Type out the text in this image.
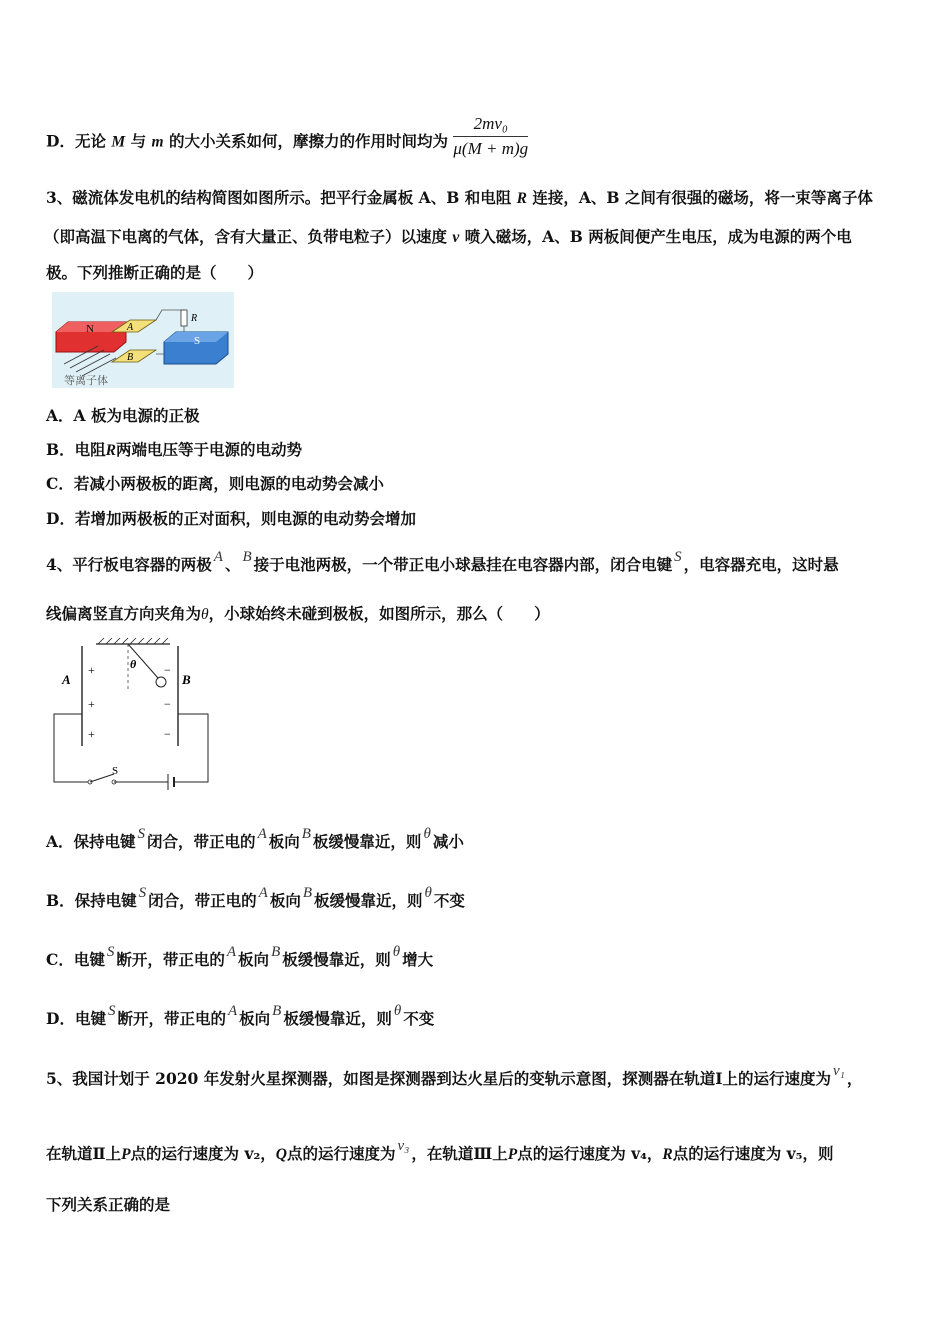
D．无论 M 与 m 的大小关系如何，摩擦力的作用时间均为 $\frac{\text{2mv₀}}{\mu(M + m)g}$
3、磁流体发电机的结构简图如图所示。把平行金属板 A、B 和电阻 R 连接，A、B 之间有很强的磁场，将一束等离子体
（即高温下电离的气体，含有大量正、负带电粒子）以速度 v 喷入磁场，A、B 两板间便产生电压，成为电源的两个电
极。下列推断正确的是（　　）
N	A
B
R
S
等离子体
A．A 板为电源的正极
B．电阻R两端电压等于电源的电动势
C．若减小两极板的距离，则电源的电动势会减小
D．若增加两极板的正对面积，则电源的电动势会增加
4、平行板电容器的两极 A 、 B 接于电池两极，一个带正电小球悬挂在电容器内部，闭合电键 S ，电容器充电，这时悬
线偏离竖直方向夹角为θ，小球始终未碰到极板，如图所示，那么（　　）
A	B
+
+
+
−
−
−
θ
S
A．保持电键 S 闭合，带正电的 A 板向 B 板缓慢靠近，则 θ 减小
B．保持电键 S 闭合，带正电的 A 板向 B 板缓慢靠近，则 θ 不变
C．电键 S 断开，带正电的 A 板向 B 板缓慢靠近，则 θ 增大
D．电键 S 断开，带正电的 A 板向 B 板缓慢靠近，则 θ 不变
5、我国计划于 2020 年发射火星探测器，如图是探测器到达火星后的变轨示意图，探测器在轨道Ⅰ上的运行速度为 v₁ ，
在轨道Ⅱ上P点的运行速度为 v₂，Q点的运行速度为 v₃ ，在轨道Ⅲ上P点的运行速度为 v₄，R点的运行速度为 v₅，则
下列关系正确的是
